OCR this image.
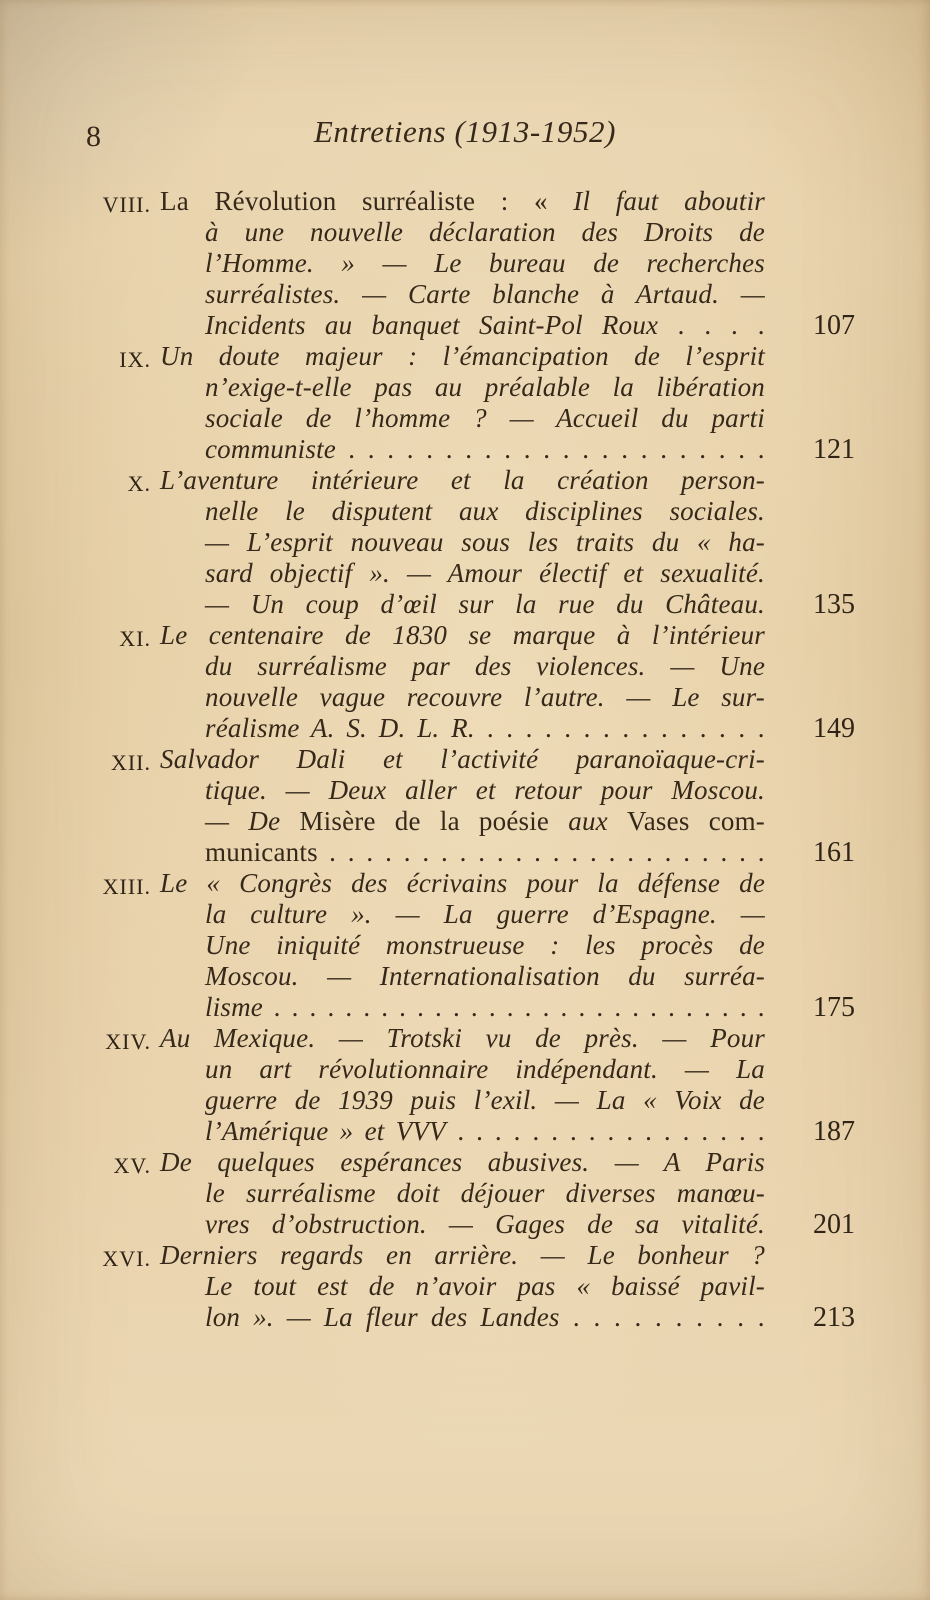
8	Entretiens (1913-1952)
VIII. La Révolution surréaliste : « Il faut aboutir
à une nouvelle déclaration des Droits de
l’Homme. » — Le bureau de recherches
surréalistes. — Carte blanche à Artaud. —
Incidents au banquet Saint-Pol Roux . . . .	107
IX. Un doute majeur : l’émancipation de l’esprit
n’exige-t-elle pas au préalable la libération
sociale de l’homme ? — Accueil du parti
communiste . . . . . . . . . . . . . . . . . . . . . .	121
X. L’aventure intérieure et la création person-
nelle le disputent aux disciplines sociales.
— L’esprit nouveau sous les traits du « ha-
sard objectif ». — Amour électif et sexualité.
— Un coup d’œil sur la rue du Château.	135
XI. Le centenaire de 1830 se marque à l’intérieur
du surréalisme par des violences. — Une
nouvelle vague recouvre l’autre. — Le sur-
réalisme A. S. D. L. R. . . . . . . . . . . . . . . .	149
XII. Salvador Dali et l’activité paranoïaque-cri-
tique. — Deux aller et retour pour Moscou.
— De Misère de la poésie aux Vases com-
municants . . . . . . . . . . . . . . . . . . . . . . . .	161
XIII. Le « Congrès des écrivains pour la défense de
la culture ». — La guerre d’Espagne. —
Une iniquité monstrueuse : les procès de
Moscou. — Internationalisation du surréa-
lisme . . . . . . . . . . . . . . . . . . . . . . . . . . . .	175
XIV. Au Mexique. — Trotski vu de près. — Pour
un art révolutionnaire indépendant. — La
guerre de 1939 puis l’exil. — La « Voix de
l’Amérique » et VVV . . . . . . . . . . . . . . . . .	187
XV. De quelques espérances abusives. — A Paris
le surréalisme doit déjouer diverses manœu-
vres d’obstruction. — Gages de sa vitalité.	201
XVI. Derniers regards en arrière. — Le bonheur ?
Le tout est de n’avoir pas « baissé pavil-
lon ». — La fleur des Landes . . . . . . . . . .	213
